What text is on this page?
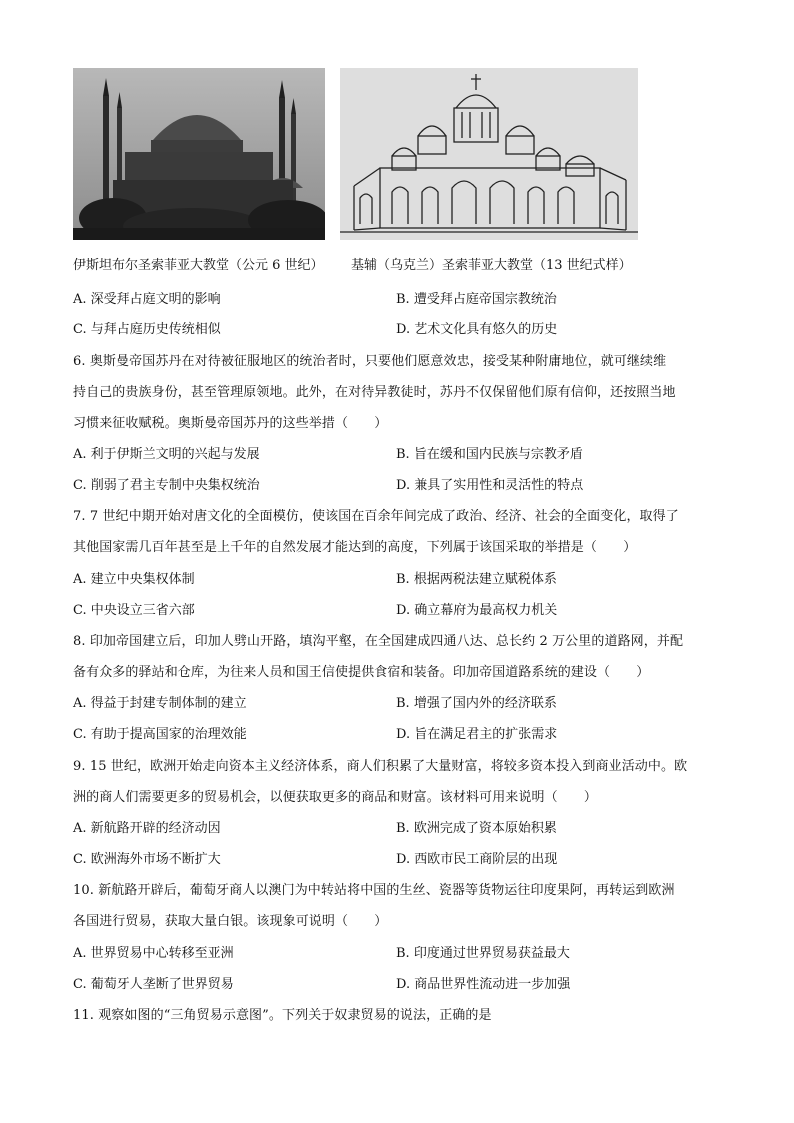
伊斯坦布尔圣索菲亚大教堂（公元 6 世纪） 基辅（乌克兰）圣索菲亚大教堂（13 世纪式样）
A. 深受拜占庭文明的影响	B. 遭受拜占庭帝国宗教统治
C. 与拜占庭历史传统相似	D. 艺术文化具有悠久的历史
6. 奥斯曼帝国苏丹在对待被征服地区的统治者时，只要他们愿意效忠，接受某种附庸地位，就可继续维
持自己的贵族身份，甚至管理原领地。此外，在对待异教徒时，苏丹不仅保留他们原有信仰，还按照当地
习惯来征收赋税。奥斯曼帝国苏丹的这些举措（　　）
A. 利于伊斯兰文明的兴起与发展	B. 旨在缓和国内民族与宗教矛盾
C. 削弱了君主专制中央集权统治	D. 兼具了实用性和灵活性的特点
7. 7 世纪中期开始对唐文化的全面模仿，使该国在百余年间完成了政治、经济、社会的全面变化，取得了
其他国家需几百年甚至是上千年的自然发展才能达到的高度，下列属于该国采取的举措是（　　）
A. 建立中央集权体制	B. 根据两税法建立赋税体系
C. 中央设立三省六部	D. 确立幕府为最高权力机关
8. 印加帝国建立后，印加人劈山开路，填沟平壑，在全国建成四通八达、总长约 2 万公里的道路网，并配
备有众多的驿站和仓库，为往来人员和国王信使提供食宿和装备。印加帝国道路系统的建设（　　）
A. 得益于封建专制体制的建立	B. 增强了国内外的经济联系
C. 有助于提高国家的治理效能	D. 旨在满足君主的扩张需求
9. 15 世纪，欧洲开始走向资本主义经济体系，商人们积累了大量财富，将较多资本投入到商业活动中。欧
洲的商人们需要更多的贸易机会，以便获取更多的商品和财富。该材料可用来说明（　　）
A. 新航路开辟的经济动因	B. 欧洲完成了资本原始积累
C. 欧洲海外市场不断扩大	D. 西欧市民工商阶层的出现
10. 新航路开辟后，葡萄牙商人以澳门为中转站将中国的生丝、瓷器等货物运往印度果阿，再转运到欧洲
各国进行贸易，获取大量白银。该现象可说明（　　）
A. 世界贸易中心转移至亚洲	B. 印度通过世界贸易获益最大
C. 葡萄牙人垄断了世界贸易	D. 商品世界性流动进一步加强
11. 观察如图的“三角贸易示意图”。下列关于奴隶贸易的说法，正确的是
